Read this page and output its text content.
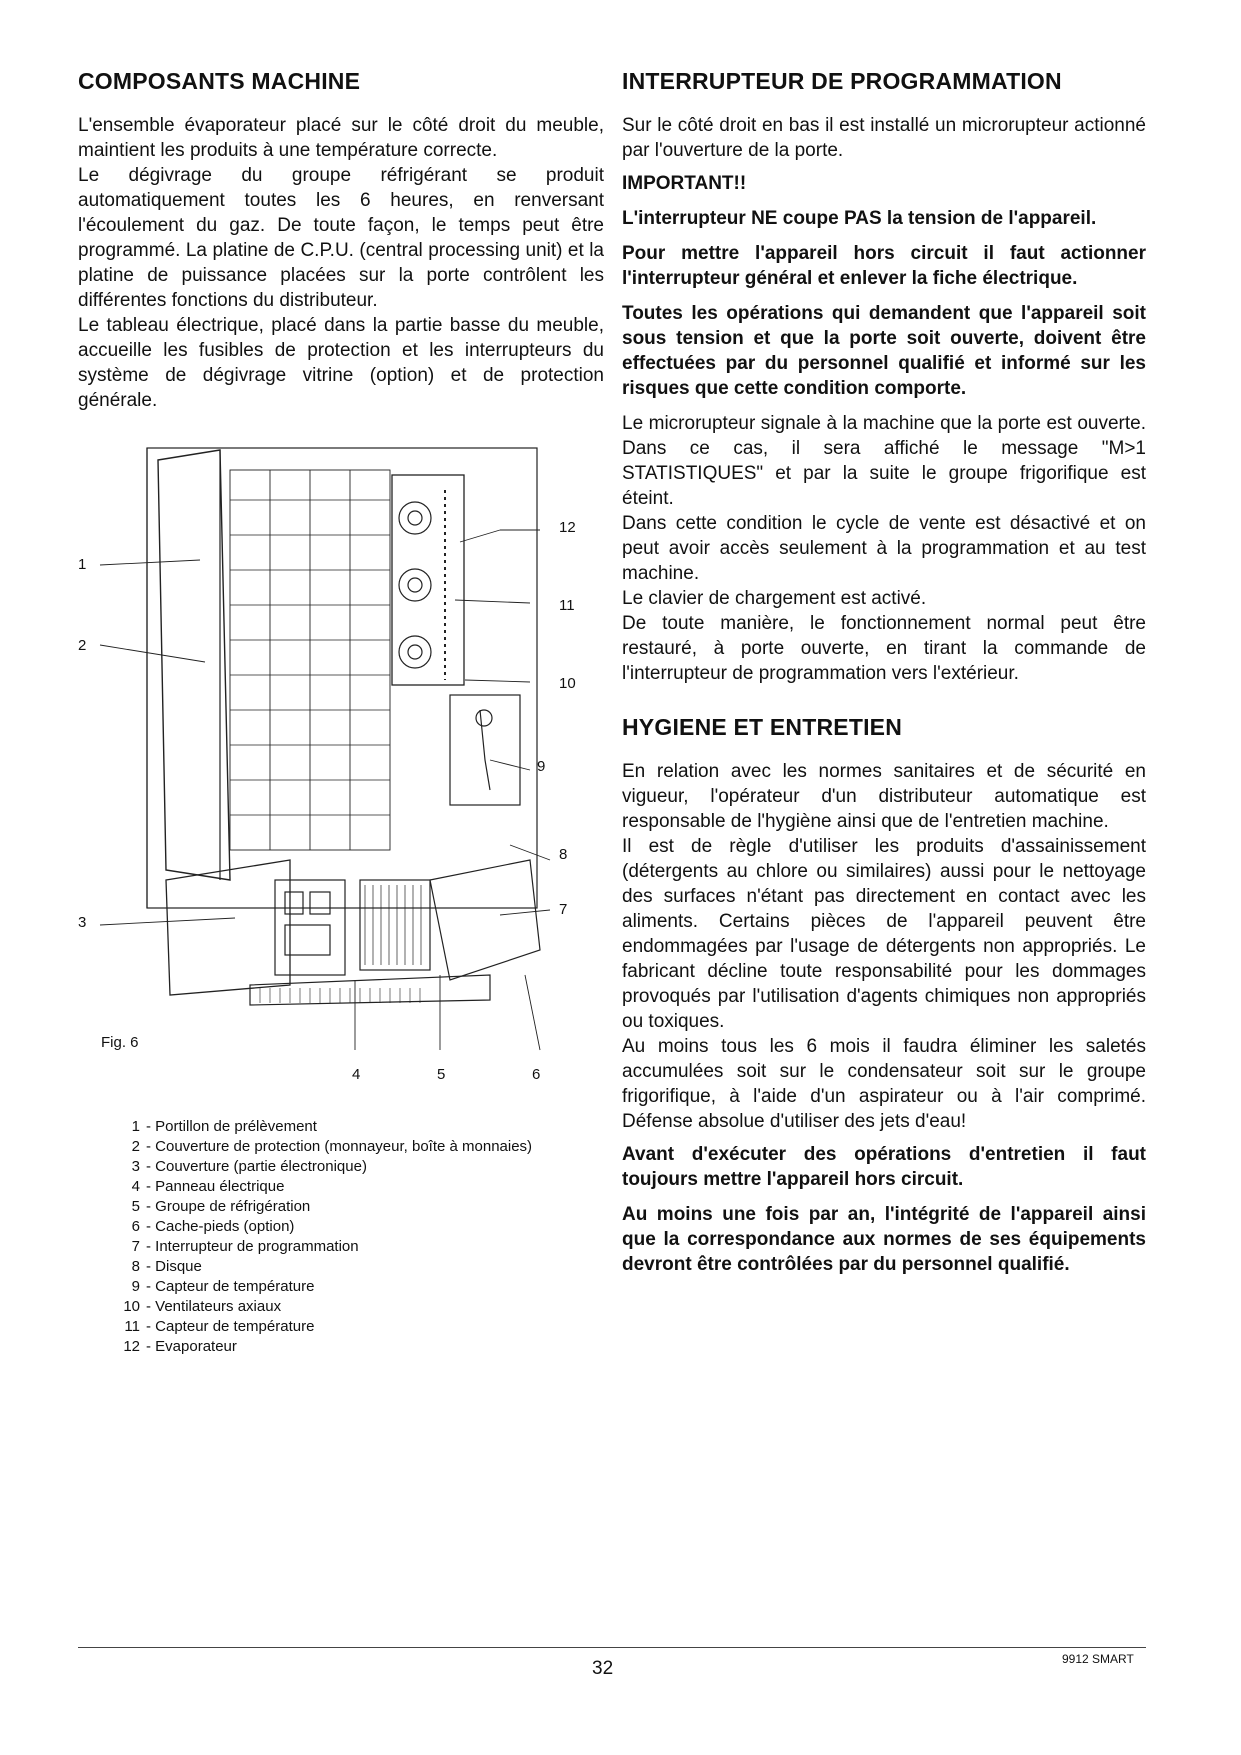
COMPOSANTS MACHINE

L'ensemble évaporateur placé sur le côté droit du meuble, maintient les produits à une température correcte.

Le dégivrage du groupe réfrigérant se produit automatiquement toutes les 6 heures, en renversant l'écoulement du gaz. De toute façon, le temps peut être programmé. La platine de C.P.U. (central processing unit) et la platine de puissance placées sur la porte contrôlent les différentes fonctions du distributeur.

Le tableau électrique, placé dans la partie basse du meuble, accueille les fusibles de protection et les interrupteurs du système de dégivrage vitrine (option) et de protection générale.

1
2
3
4	5	6
7
8
9
10
11
12
Fig. 6
1 - Portillon de prélèvement
2 - Couverture de protection (monnayeur, boîte à monnaies)
3 - Couverture (partie électronique)
4 - Panneau électrique
5 - Groupe de réfrigération
6 - Cache-pieds (option)
7 - Interrupteur de programmation
8 - Disque
9 - Capteur de température
10 - Ventilateurs axiaux
11 - Capteur de température
12 - Evaporateur
INTERRUPTEUR DE PROGRAMMATION

Sur le côté droit en bas il est installé un microrupteur actionné par l'ouverture de la porte.

IMPORTANT!!

L'interrupteur NE coupe PAS la tension de l'appareil.

Pour mettre l'appareil hors circuit il faut actionner l'interrupteur général et enlever la fiche électrique.

Toutes les opérations qui demandent que l'appareil soit sous tension et que la porte soit ouverte, doivent être effectuées par du personnel qualifié et informé sur les risques que cette condition comporte.

Le microrupteur signale à la machine que la porte est ouverte. Dans ce cas, il sera affiché le message "M>1 STATISTIQUES" et par la suite le groupe frigorifique est éteint.

Dans cette condition le cycle de vente est désactivé et on peut avoir accès seulement à la programmation et au test machine.

Le clavier de chargement est activé.

De toute manière, le fonctionnement normal peut être restauré, à porte ouverte, en tirant la commande de l'interrupteur de programmation vers l'extérieur.

HYGIENE ET ENTRETIEN

En relation avec les normes sanitaires et de sécurité en vigueur, l'opérateur d'un distributeur automatique est responsable de l'hygiène ainsi que de l'entretien machine.

Il est de règle d'utiliser les produits d'assainissement (détergents au chlore ou similaires) aussi pour le nettoyage des surfaces n'étant pas directement en contact avec les aliments. Certains pièces de l'appareil peuvent être endommagées par l'usage de détergents non appropriés. Le fabricant décline toute responsabilité pour les dommages provoqués par l'utilisation d'agents chimiques non appropriés ou toxiques.

Au moins tous les 6 mois il faudra éliminer les saletés accumulées soit sur le condensateur soit sur le groupe frigorifique, à l'aide d'un aspirateur ou à l'air comprimé. Défense absolue d'utiliser des jets d'eau!

Avant d'exécuter des opérations d'entretien il faut toujours mettre l'appareil hors circuit.

Au moins une fois par an, l'intégrité de l'appareil ainsi que la correspondance aux normes de ses équipements devront être contrôlées par du personnel qualifié.

32	9912 SMART
